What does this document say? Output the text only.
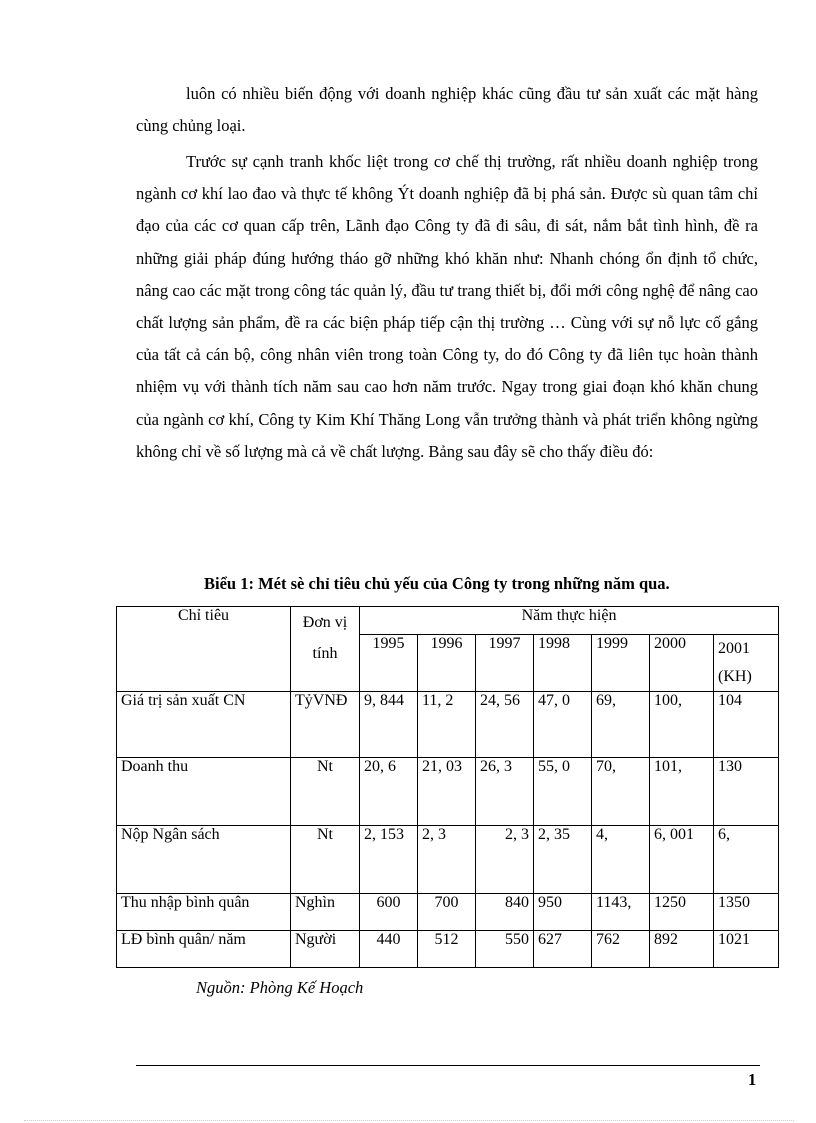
luôn có nhiều biến động với doanh nghiệp khác cũng đầu tư sản xuất các mặt hàng cùng chủng loại.

Trước sự cạnh tranh khốc liệt trong cơ chế thị trường, rất nhiều doanh nghiệp trong ngành cơ khí lao đao và thực tế không Ýt doanh nghiệp đã bị phá sản. Được sù quan tâm chỉ đạo của các cơ quan cấp trên, Lãnh đạo Công ty đã đi sâu, đi sát, nắm bắt tình hình, đề ra những giải pháp đúng hướng tháo gỡ những khó khăn như: Nhanh chóng ổn định tổ chức, nâng cao các mặt trong công tác quản lý, đầu tư trang thiết bị, đổi mới công nghệ để nâng cao chất lượng sản phẩm, đề ra các biện pháp tiếp cận thị trường … Cùng với sự nỗ lực cố gắng của tất cả cán bộ, công nhân viên trong toàn Công ty, do đó Công ty đã liên tục hoàn thành nhiệm vụ với thành tích năm sau cao hơn năm trước. Ngay trong giai đoạn khó khăn chung của ngành cơ khí, Công ty Kim Khí Thăng Long vẫn trưởng thành và phát triển không ngừng không chỉ về số lượng mà cả về chất lượng. Bảng sau đây sẽ cho thấy điều đó:

Biểu 1: Mét sè chỉ tiêu chủ yếu của Công ty trong những năm qua.
Chỉ tiêu	Đơn vị tính	Năm thực hiện						
		1995	1996	1997	1998	1999	2000	2001 (KH)
Giá trị sản xuất CN	TỷVNĐ	9, 844	11, 2	24, 56	47, 0	69,	100,	104
Doanh thu	Nt	20, 6	21, 03	26, 3	55, 0	70,	101,	130
Nộp Ngân sách	Nt	2, 153	2, 3	2, 3	2, 35	4,	6, 001	6,
Thu nhập bình quân	Nghìn	600	700	840	950	1143,	1250	1350
LĐ bình quân/ năm	Người	440	512	550	627	762	892	1021
Nguồn: Phòng Kế Hoạch
1
